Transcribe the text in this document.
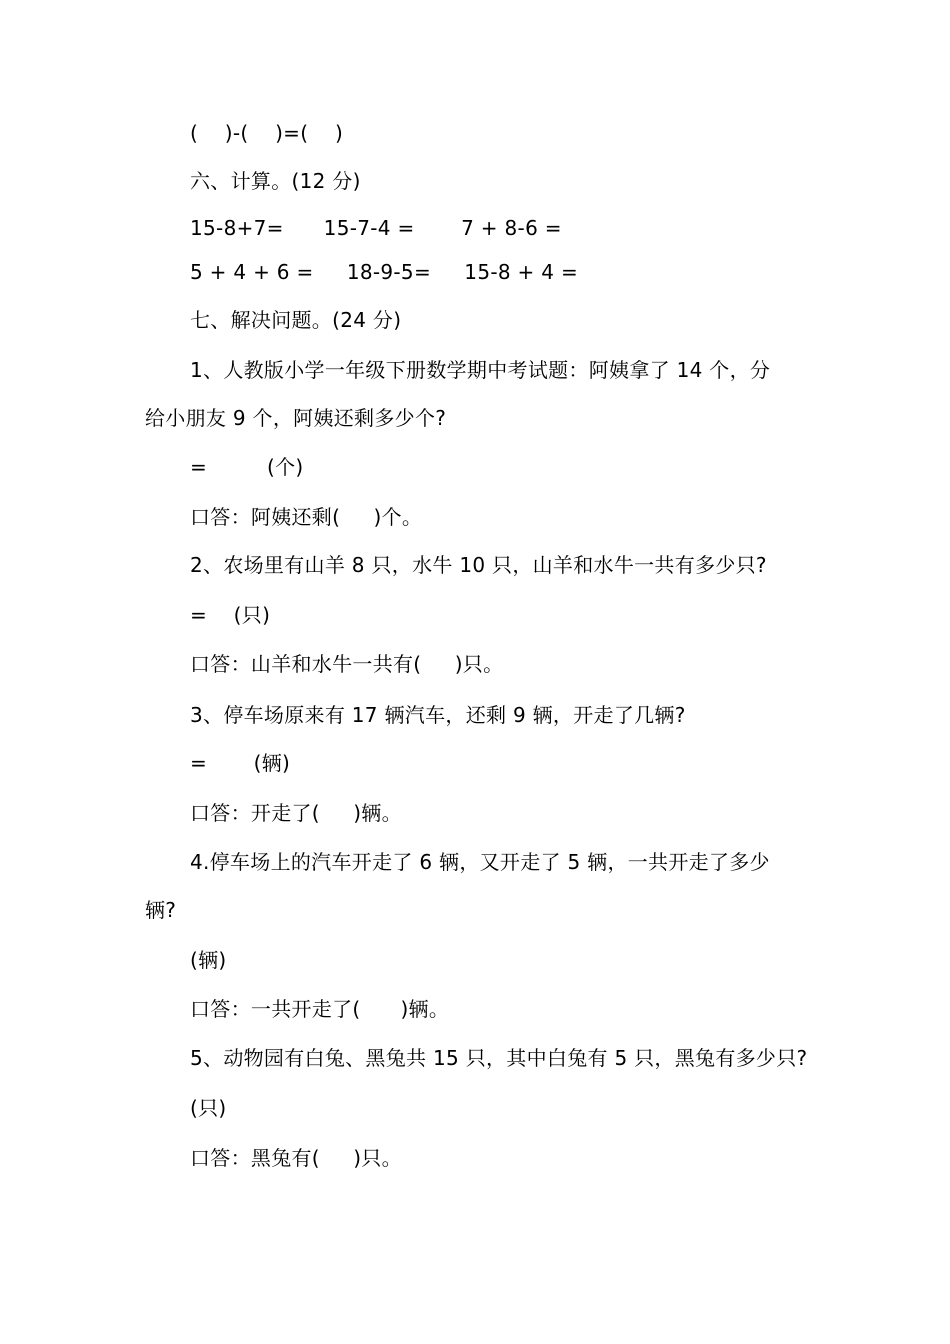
(    )-(    )=(    )
六、计算。(12 分)
15-8+7=      15-7-4 =       7 + 8-6 =
5 + 4 + 6 =     18-9-5=     15-8 + 4 =
七、解决问题。(24 分)
1、人教版小学一年级下册数学期中考试题：阿姨拿了 14 个，分
给小朋友 9 个，阿姨还剩多少个?
=         (个)
口答：阿姨还剩(     )个。
2、农场里有山羊 8 只，水牛 10 只，山羊和水牛一共有多少只?
=    (只)
口答：山羊和水牛一共有(     )只。
3、停车场原来有 17 辆汽车，还剩 9 辆，开走了几辆?
=       (辆)
口答：开走了(     )辆。
4.停车场上的汽车开走了 6 辆，又开走了 5 辆，一共开走了多少
辆?
(辆)
口答：一共开走了(      )辆。
5、动物园有白兔、黑兔共 15 只，其中白兔有 5 只，黑兔有多少只?
(只)
口答：黑兔有(     )只。
